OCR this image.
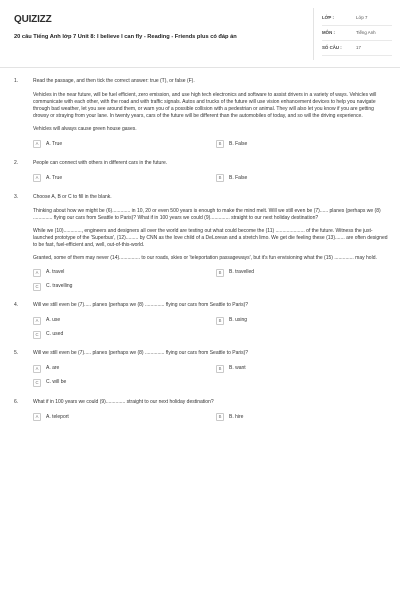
QUIZIZZ
20 câu Tiếng Anh lớp 7 Unit 8: I believe I can fly - Reading - Friends plus có đáp án
LỚP :	Lớp 7
MÔN :	Tiếng Anh
SỐ CÂU :	17
1.	Read the passage, and then tick the correct answer: true (T), or false (F).
Vehicles in the near future, will be fuel efficient, zero emission, and use high tech electronics and software to assist drivers in a variety of ways. Vehicles will communicate with each other, with the road and with traffic signals. Autos and trucks of the future will use vision enhancement devices to help you navigate through bad weather, let you see around them, or warn you of a possible collision with a pedestrian or animal. They will also let you know if you are getting drowsy or straying from your lane. In twenty years, cars of the future will be different than the automobiles of today, and so will the driving experience.
Vehicles will always cause green house gases.
A	A. True	B	B. False
2.	People can connect with others in different cars in the future.
A	A. True	B	B. False
3.	Choose A, B or C to fill in the blank.
Thinking about how we might be (6)............. in 10, 20 or even 500 years is enough to make the mind melt. Will we still even be (7)...... planes (perhaps we (8) .............. flying our cars from Seattle to Paris)? What if in 100 years we could (9).............. straight to our next holiday destination?
While we (10)............., engineers and designers all over the world are testing out what could become the (11) ..................... of the future. Witness the just-launched prototype of the 'Superbus', (12)......... by CNN as the love child of a DeLorean and a stretch limo. We get die feeling these (13)....... are often designed to be fast, fuel-efficient and, well, out-of-this-world.
Granted, some of them may never (14)............... to our roads, skies or 'teleportation passageways', but it's fun envisioning what the (15) .............. may hold.
A	A. travel	B	B. travelled
C	C. travelling
4.	Will we still even be (7)..... planes (perhaps we (8) .............. flying our cars from Seattle to Paris)?
A	A. use	B	B. using
C	C. used
5.	Will we still even be (7)..... planes (perhaps we (8) .............. flying our cars from Seattle to Paris)?
A	A. are	B	B. want
C	C. will be
6.	What if in 100 years we could (9).............. straight to our next holiday destination?
A	A. teleport	B	B. hire
